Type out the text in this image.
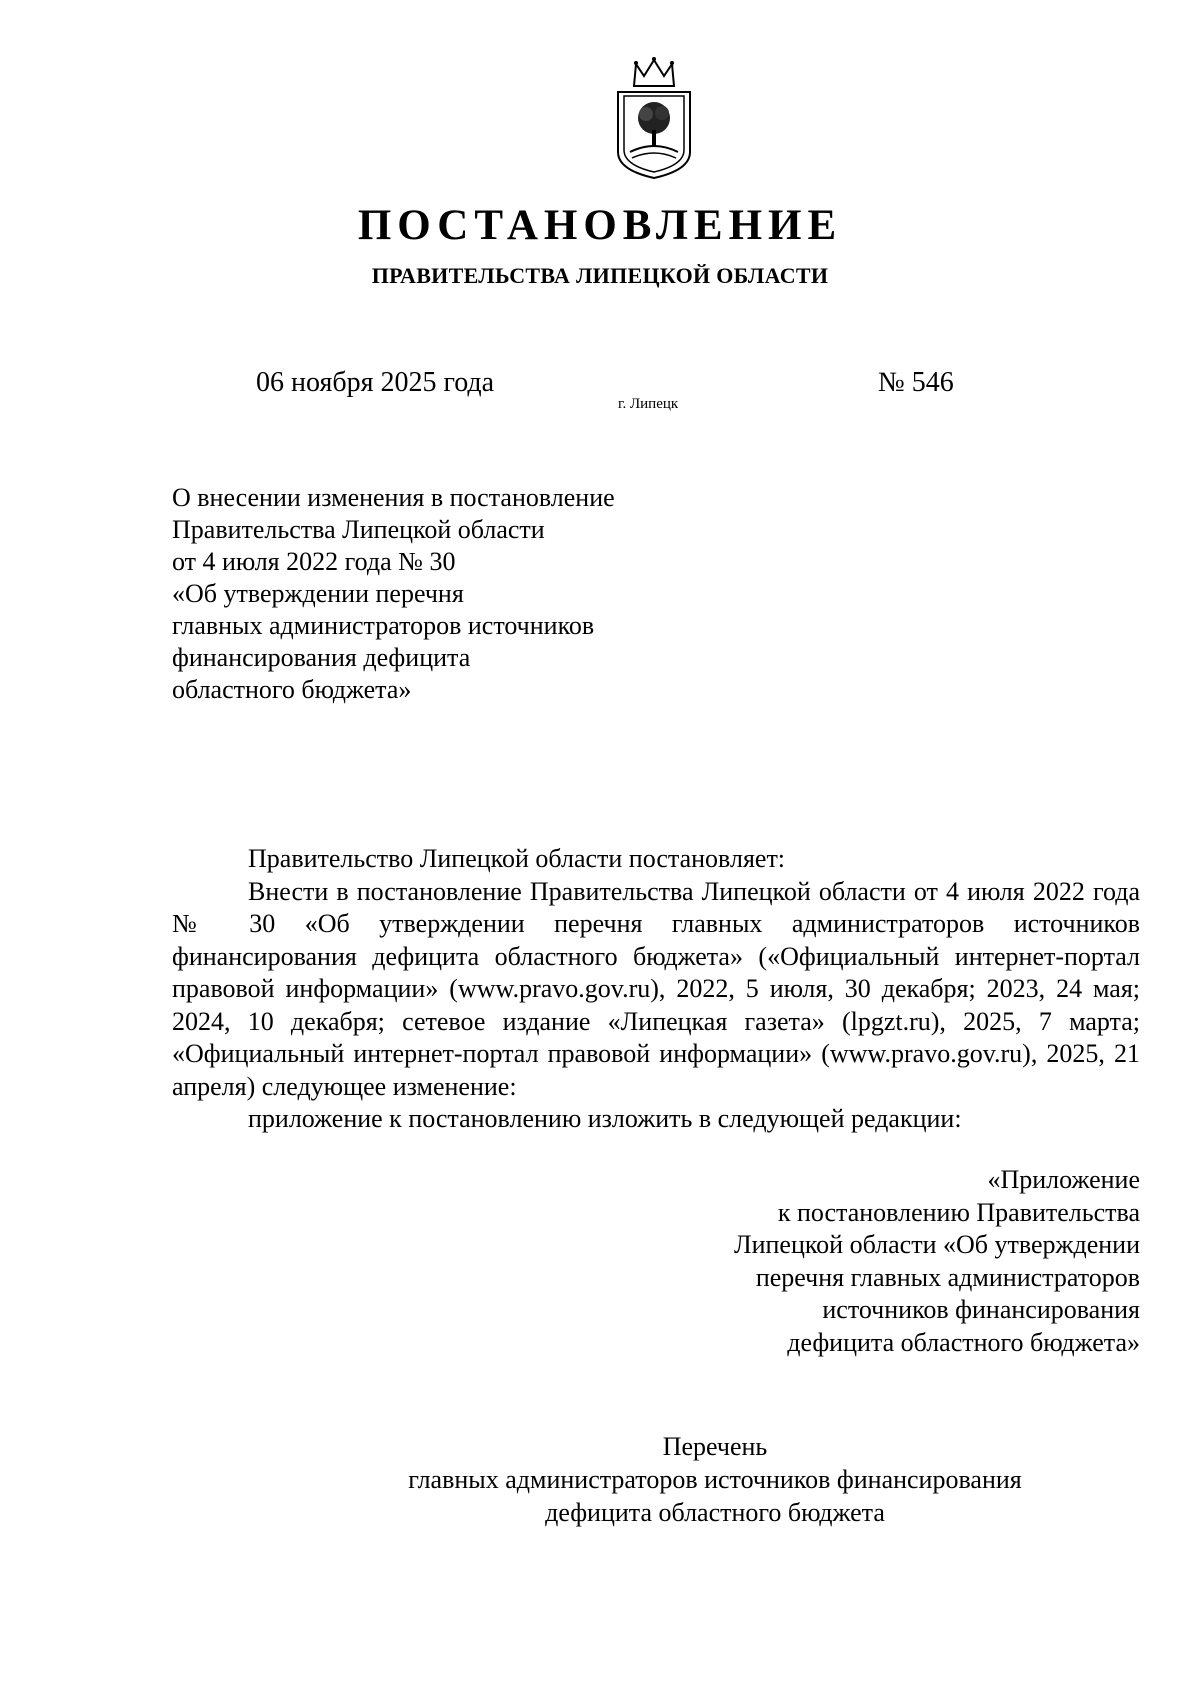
ПОСТАНОВЛЕНИЕ
ПРАВИТЕЛЬСТВА ЛИПЕЦКОЙ ОБЛАСТИ
06 ноября 2025 года
г. Липецк
№ 546
О внесении изменения в постановление
Правительства Липецкой области
от 4 июля 2022 года № 30
«Об утверждении перечня
главных администраторов источников
финансирования дефицита
областного бюджета»

Правительство Липецкой области постановляет:

Внести в постановление Правительства Липецкой области от 4 июля 2022 года № 30 «Об утверждении перечня главных администраторов источников финансирования дефицита областного бюджета» («Официальный интернет-портал правовой информации» (www.pravo.gov.ru), 2022, 5 июля, 30 декабря; 2023, 24 мая; 2024, 10 декабря; сетевое издание «Липецкая газета» (lpgzt.ru), 2025, 7 марта; «Официальный интернет-портал правовой информации» (www.pravo.gov.ru), 2025, 21 апреля) следующее изменение:

приложение к постановлению изложить в следующей редакции:

«Приложение
к постановлению Правительства
Липецкой области «Об утверждении
перечня главных администраторов
источников финансирования
дефицита областного бюджета»
Перечень
главных администраторов источников финансирования
дефицита областного бюджета
